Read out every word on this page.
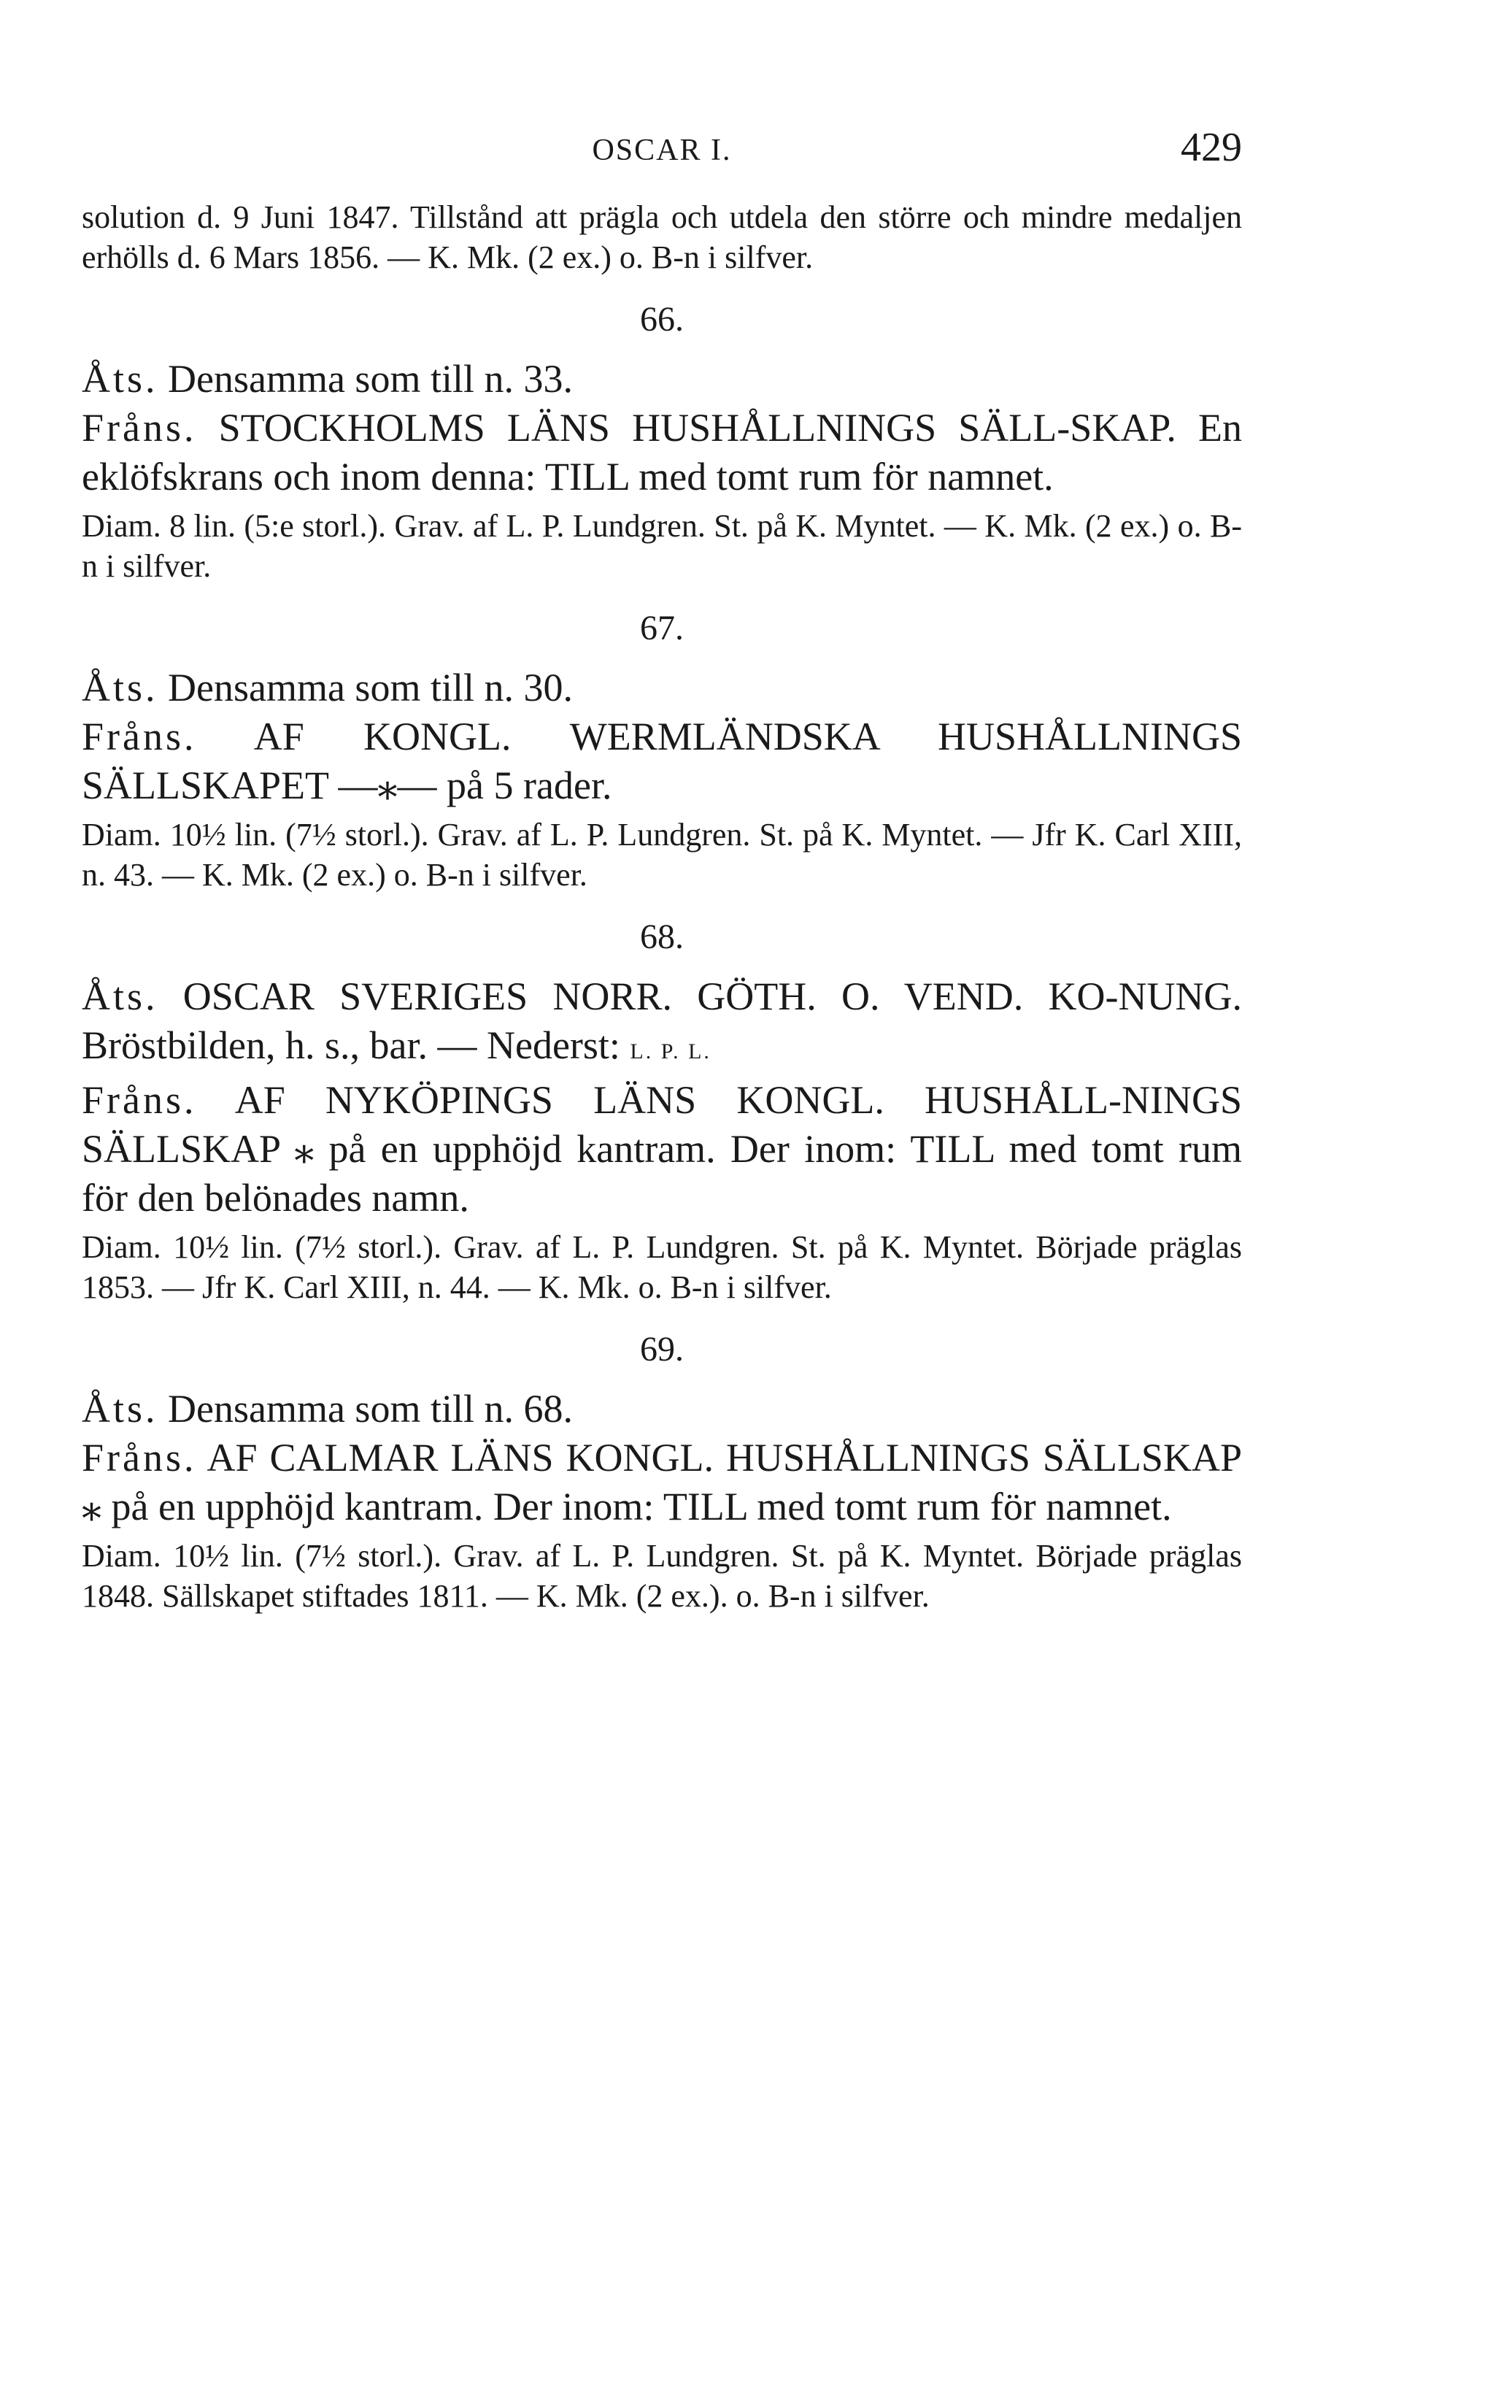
OSCAR I.	429

solution d. 9 Juni 1847. Tillstånd att prägla och utdela den större och mindre medaljen erhölls d. 6 Mars 1856. — K. Mk. (2 ex.) o. B-n i silfver.

66.

Åts. Densamma som till n. 33.

Fråns. STOCKHOLMS LÄNS HUSHÅLLNINGS SÄLL-SKAP. En eklöfskrans och inom denna: TILL med tomt rum för namnet.

Diam. 8 lin. (5:e storl.). Grav. af L. P. Lundgren. St. på K. Myntet. — K. Mk. (2 ex.) o. B-n i silfver.

67.

Åts. Densamma som till n. 30.

Fråns. AF KONGL. WERMLÄNDSKA HUSHÅLLNINGS SÄLLSKAPET —⁎— på 5 rader.

Diam. 10½ lin. (7½ storl.). Grav. af L. P. Lundgren. St. på K. Myntet. — Jfr K. Carl XIII, n. 43. — K. Mk. (2 ex.) o. B-n i silfver.

68.

Åts. OSCAR SVERIGES NORR. GÖTH. O. VEND. KO-NUNG. Bröstbilden, h. s., bar. — Nederst: L. P. L.

Fråns. AF NYKÖPINGS LÄNS KONGL. HUSHÅLL-NINGS SÄLLSKAP ⁎ på en upphöjd kantram. Der inom: TILL med tomt rum för den belönades namn.

Diam. 10½ lin. (7½ storl.). Grav. af L. P. Lundgren. St. på K. Myntet. Började präglas 1853. — Jfr K. Carl XIII, n. 44. — K. Mk. o. B-n i silfver.

69.

Åts. Densamma som till n. 68.

Fråns. AF CALMAR LÄNS KONGL. HUSHÅLLNINGS SÄLLSKAP ⁎ på en upphöjd kantram. Der inom: TILL med tomt rum för namnet.

Diam. 10½ lin. (7½ storl.). Grav. af L. P. Lundgren. St. på K. Myntet. Började präglas 1848. Sällskapet stiftades 1811. — K. Mk. (2 ex.). o. B-n i silfver.
